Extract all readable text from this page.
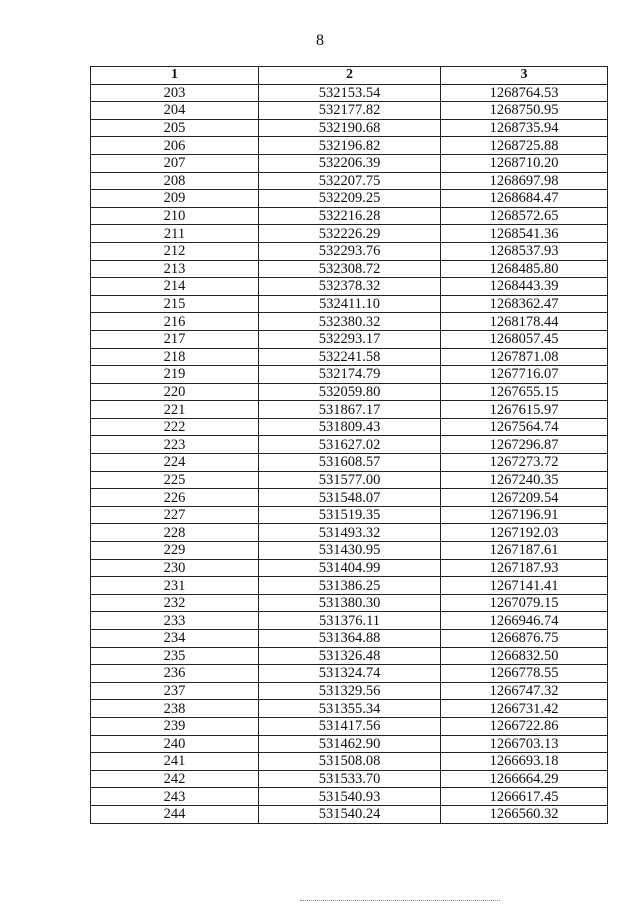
8
1	2	3
203	532153.54	1268764.53
204	532177.82	1268750.95
205	532190.68	1268735.94
206	532196.82	1268725.88
207	532206.39	1268710.20
208	532207.75	1268697.98
209	532209.25	1268684.47
210	532216.28	1268572.65
211	532226.29	1268541.36
212	532293.76	1268537.93
213	532308.72	1268485.80
214	532378.32	1268443.39
215	532411.10	1268362.47
216	532380.32	1268178.44
217	532293.17	1268057.45
218	532241.58	1267871.08
219	532174.79	1267716.07
220	532059.80	1267655.15
221	531867.17	1267615.97
222	531809.43	1267564.74
223	531627.02	1267296.87
224	531608.57	1267273.72
225	531577.00	1267240.35
226	531548.07	1267209.54
227	531519.35	1267196.91
228	531493.32	1267192.03
229	531430.95	1267187.61
230	531404.99	1267187.93
231	531386.25	1267141.41
232	531380.30	1267079.15
233	531376.11	1266946.74
234	531364.88	1266876.75
235	531326.48	1266832.50
236	531324.74	1266778.55
237	531329.56	1266747.32
238	531355.34	1266731.42
239	531417.56	1266722.86
240	531462.90	1266703.13
241	531508.08	1266693.18
242	531533.70	1266664.29
243	531540.93	1266617.45
244	531540.24	1266560.32
